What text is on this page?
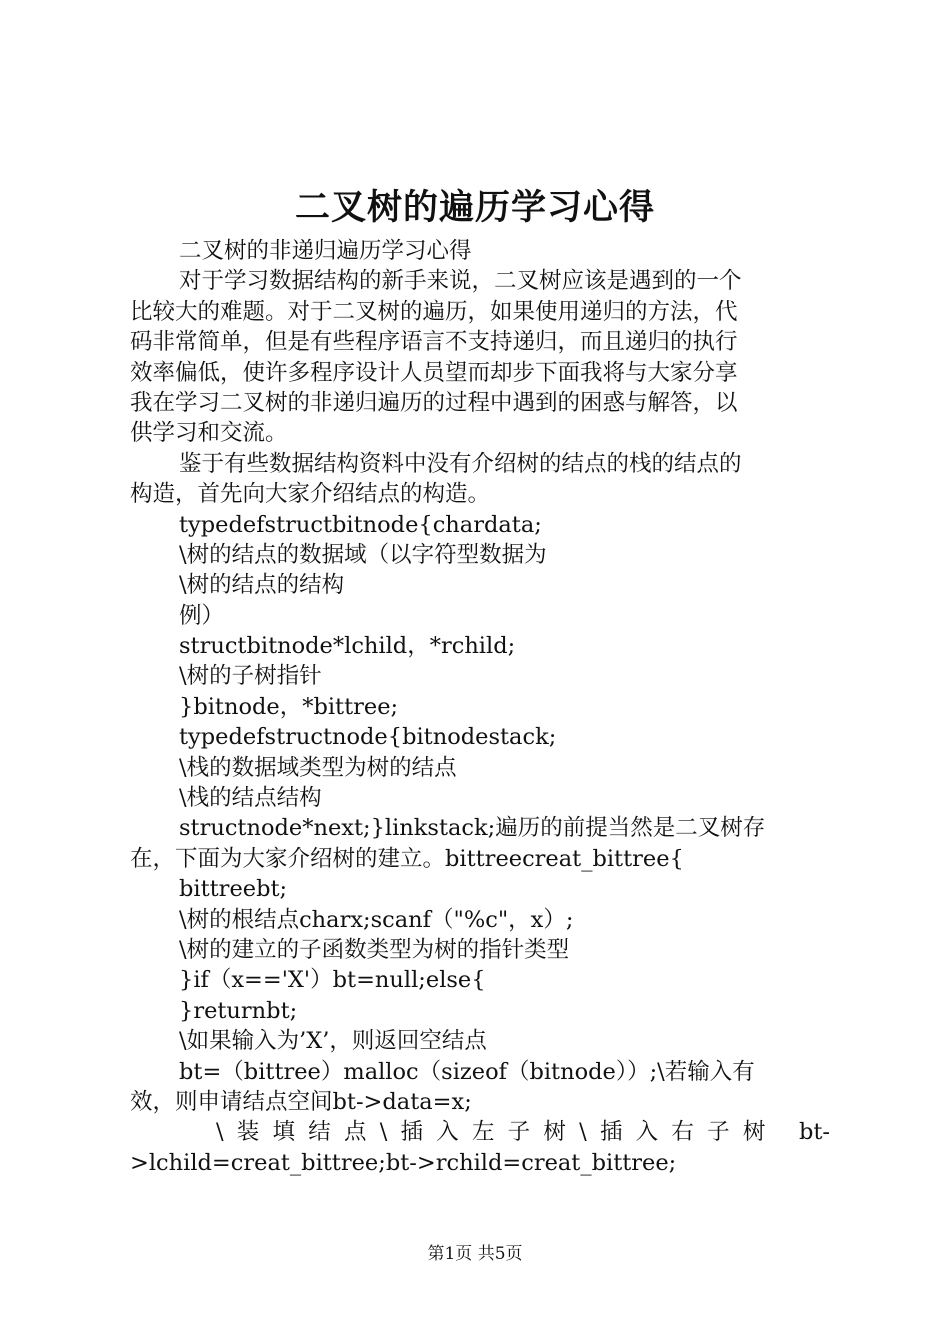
二叉树的遍历学习心得
二叉树的非递归遍历学习心得
对于学习数据结构的新手来说，二叉树应该是遇到的一个
比较大的难题。对于二叉树的遍历，如果使用递归的方法，代
码非常简单，但是有些程序语言不支持递归，而且递归的执行
效率偏低，使许多程序设计人员望而却步下面我将与大家分享
我在学习二叉树的非递归遍历的过程中遇到的困惑与解答，以
供学习和交流。
鉴于有些数据结构资料中没有介绍树的结点的栈的结点的
构造，首先向大家介绍结点的构造。
typedefstructbitnode{chardata;
\树的结点的数据域（以字符型数据为
\树的结点的结构
例）
structbitnode*lchild，*rchild;
\树的子树指针
}bitnode，*bittree;
typedefstructnode{bitnodestack;
\栈的数据域类型为树的结点
\栈的结点结构
structnode*next;}linkstack;遍历的前提当然是二叉树存
在，下面为大家介绍树的建立。bittreecreat_bittree{
bittreebt;
\树的根结点charx;scanf（"%c"，x）;
\树的建立的子函数类型为树的指针类型
}if（x=='X'）bt=null;else{
}returnbt;
\如果输入为’X’，则返回空结点
bt=（bittree）malloc（sizeof（bitnode））;\若输入有
效，则申请结点空间bt->data=x;
\装填结点\插入左子树\插入右子树 bt-
>lchild=creat_bittree;bt->rchild=creat_bittree;
第1页 共5页
